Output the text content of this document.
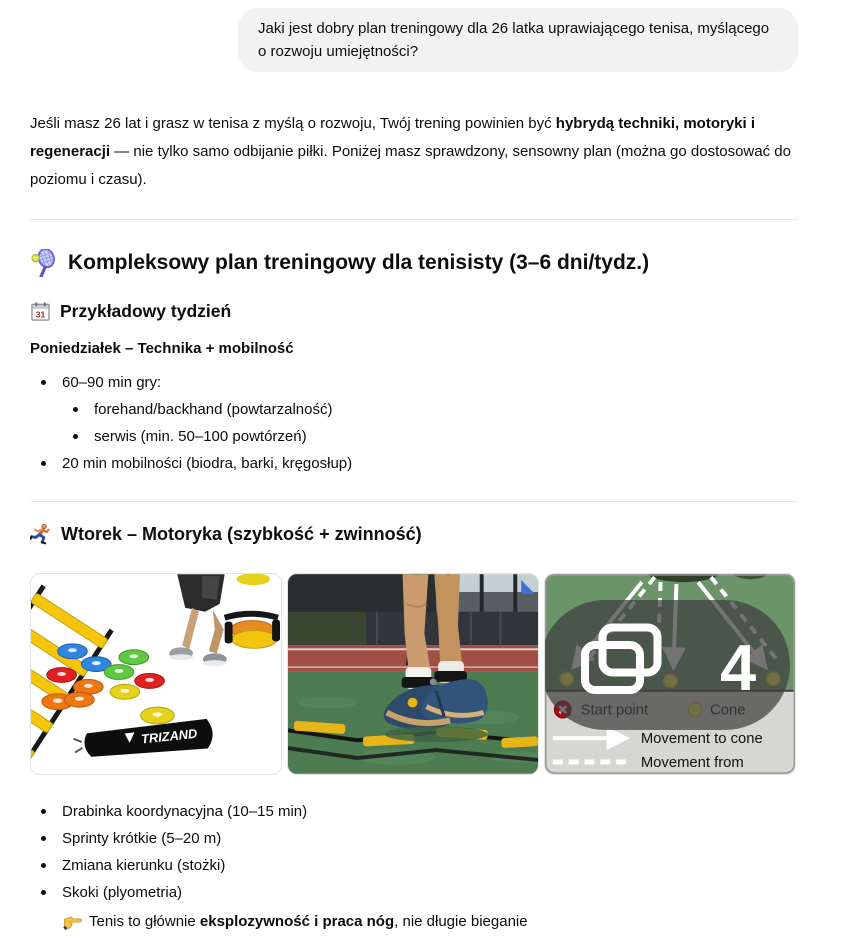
Jaki jest dobry plan treningowy dla 26 latka uprawiającego tenisa, myślącego o rozwoju umiejętności?

Jeśli masz 26 lat i grasz w tenisa z myślą o rozwoju, Twój trening powinien być hybrydą techniki, motoryki i regeneracji — nie tylko samo odbijanie piłki. Poniżej masz sprawdzony, sensowny plan (można go dostosować do poziomu i czasu).

Kompleksowy plan treningowy dla tenisisty (3–6 dni/tydz.)
31 Przykładowy tydzień

Poniedziałek – Technika + mobilność

60–90 min gry:
forehand/backhand (powtarzalność)
serwis (min. 50–100 powtórzeń)
20 min mobilności (biodra, barki, kręgosłup)
Wtorek – Motoryka (szybkość + zwinność)
TRIZAND	Movement to cone
Movement from
4
Drabinka koordynacyjna (10–15 min)
Sprinty krótkie (5–20 m)
Zmiana kierunku (stożki)
Skoki (plyometria)

Tenis to głównie eksplozywność i praca nóg, nie długie bieganie
